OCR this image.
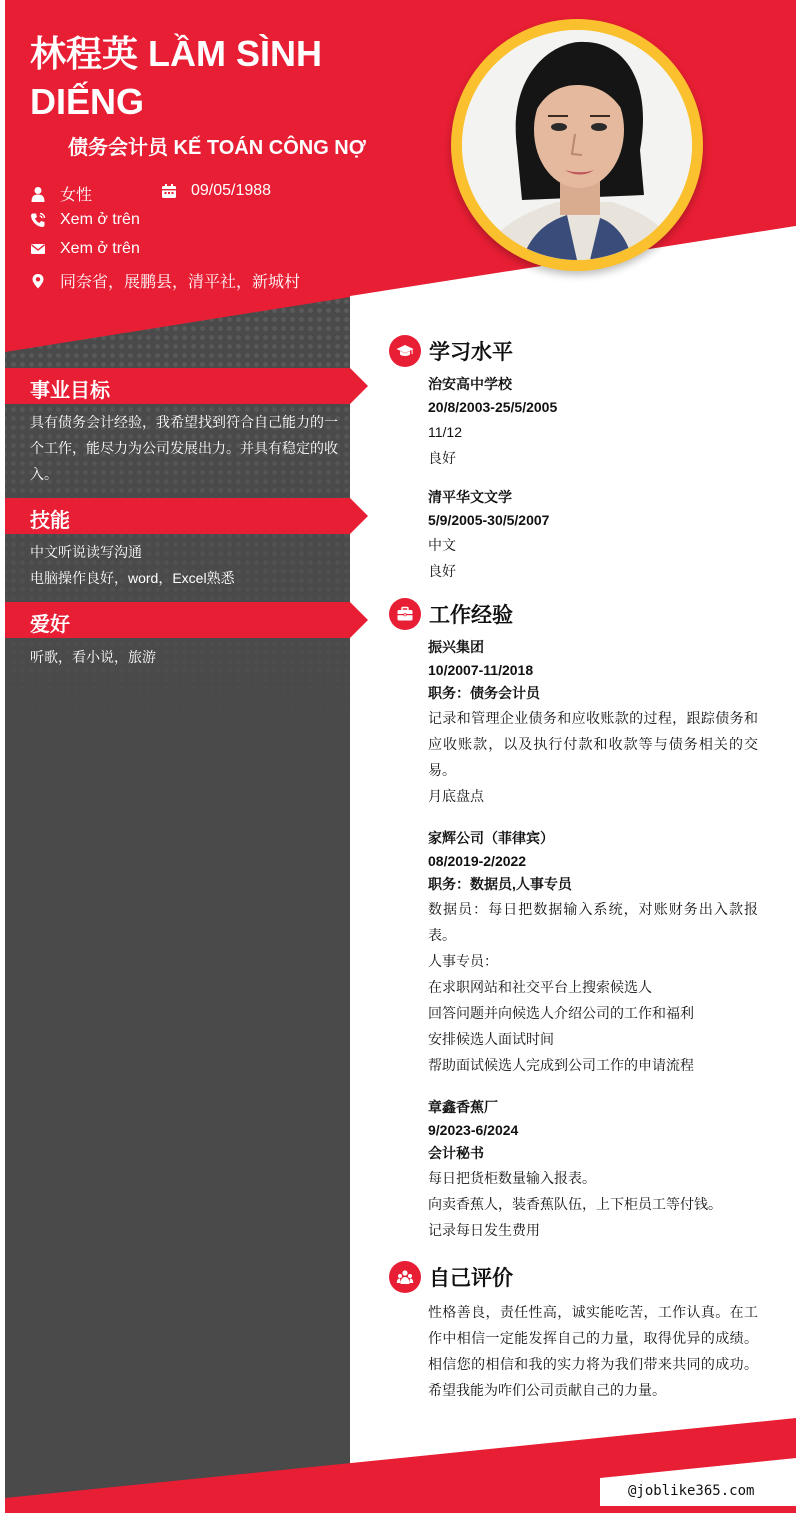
林程英 LẦM SÌNH DIẾNG
债务会计员 KẾ TOÁN CÔNG NỢ
女性	09/05/1988
Xem ở trên
Xem ở trên
同奈省，展鹏县，清平社，新城村
事业目标
具有债务会计经验，我希望找到符合自己能力的一个工作，能尽力为公司发展出力。并具有稳定的收入。
技能
中文听说读写沟通
电脑操作良好，word，Excel熟悉
爱好
听歌，看小说，旅游
学习水平
治安高中学校
20/8/2003-25/5/2005
11/12
良好
清平华文文学
5/9/2005-30/5/2007
中文
良好
工作经验
振兴集团
10/2007-11/2018
职务：债务会计员
记录和管理企业债务和应收账款的过程，跟踪债务和应收账款，以及执行付款和收款等与债务相关的交易。
月底盘点
家辉公司（菲律宾）
08/2019-2/2022
职务：数据员,人事专员
数据员：每日把数据输入系统，对账财务出入款报表。
人事专员：
在求职网站和社交平台上搜索候选人
回答问题并向候选人介绍公司的工作和福利
安排候选人面试时间
帮助面试候选人完成到公司工作的申请流程
章鑫香蕉厂
9/2023-6/2024
会计秘书
每日把货柜数量输入报表。
向卖香蕉人，装香蕉队伍，上下柜员工等付钱。
记录每日发生费用
自己评价
性格善良，责任性高，诚实能吃苦，工作认真。在工作中相信一定能发挥自己的力量，取得优异的成绩。相信您的相信和我的实力将为我们带来共同的成功。希望我能为咋们公司贡献自己的力量。
@joblike365.com
